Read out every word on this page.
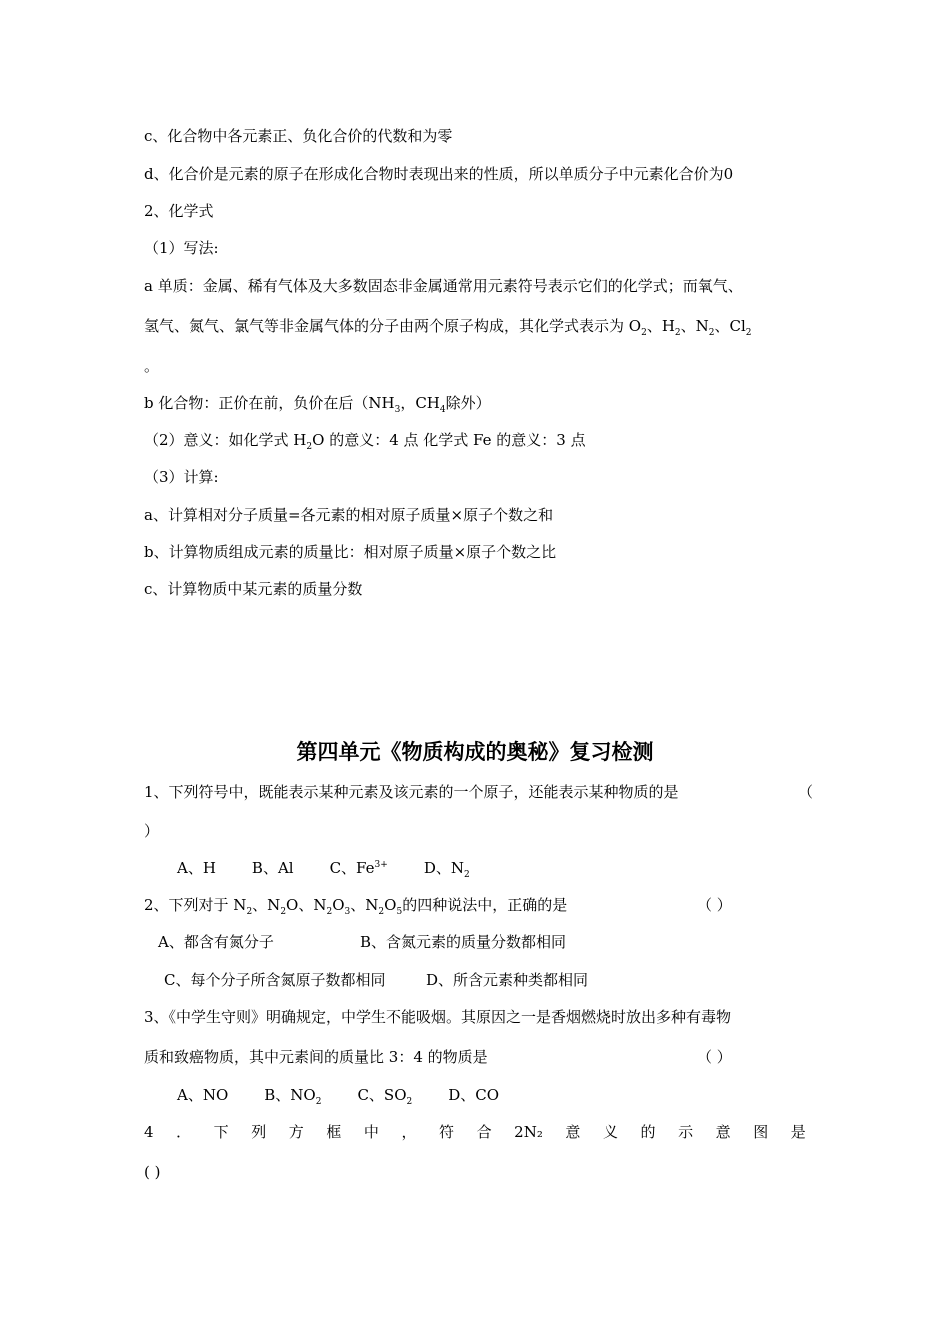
c、化合物中各元素正、负化合价的代数和为零
d、化合价是元素的原子在形成化合物时表现出来的性质，所以单质分子中元素化合价为0
2、化学式
（1）写法:
a 单质：金属、稀有气体及大多数固态非金属通常用元素符号表示它们的化学式；而氧气、
氢气、氮气、氯气等非金属气体的分子由两个原子构成，其化学式表示为 $O_2$、$H_2$、$N_2$、$Cl_2$
。
b 化合物：正价在前，负价在后（$NH_3$，$CH_4$除外）
（2）意义：如化学式 $H_2O$ 的意义：4 点 化学式 Fe 的意义：3 点
（3）计算:
a、计算相对分子质量=各元素的相对原子质量×原子个数之和
b、计算物质组成元素的质量比：相对原子质量×原子个数之比
c、计算物质中某元素的质量分数
第四单元《物质构成的奥秘》复习检测
1、下列符号中，既能表示某种元素及该元素的一个原子，还能表示某种物质的是	（
）
A、H B、Al C、$Fe^{3+}$ D、$N_2$
2、下列对于 $N_2$、$N_2O$、$N_2O_3$、$N_2O_5$的四种说法中，正确的是	（ ）
A、都含有氮分子	B、含氮元素的质量分数都相同
C、每个分子所含氮原子数都相同	D、所含元素种类都相同
3、《中学生守则》明确规定，中学生不能吸烟。其原因之一是香烟燃烧时放出多种有毒物
质和致癌物质，其中元素间的质量比 3：4 的物质是	（ ）
A、NO B、$NO_2$ C、$SO_2$ D、CO
4 ． 下 列 方 框 中 ， 符 合 2N₂ 意 义 的 示 意 图 是
( )
